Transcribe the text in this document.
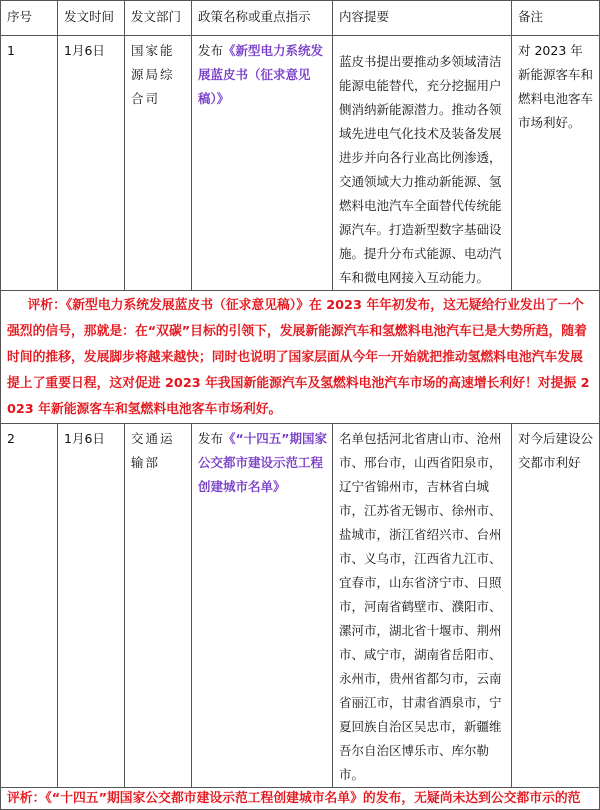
序号	发文时间	发文部门	政策名称或重点指示	内容提要	备注
1	1月6日	国家能源局综合司	发布《新型电力系统发展蓝皮书（征求意见稿）》	蓝皮书提出要推动多领域清洁能源电能替代，充分挖掘用户侧消纳新能源潜力。推动各领域先进电气化技术及装备发展进步并向各行业高比例渗透，交通领域大力推动新能源、氢燃料电池汽车全面替代传统能源汽车。打造新型数字基础设施。提升分布式能源、电动汽车和微电网接入互动能力。	对 2023 年新能源客车和燃料电池客车市场利好。
评析：《新型电力系统发展蓝皮书（征求意见稿）》在 2023 年年初发布，这无疑给行业发出了一个强烈的信号，那就是：在“双碳”目标的引领下，发展新能源汽车和氢燃料电池汽车已是大势所趋，随着时间的推移，发展脚步将越来越快；同时也说明了国家层面从今年一开始就把推动氢燃料电池汽车发展提上了重要日程，这对促进 2023 年我国新能源汽车及氢燃料电池汽车市场的高速增长利好！对提振 2023 年新能源客车和氢燃料电池客车市场利好。					
2	1月6日	交通运输部	发布《“十四五”期国家公交都市建设示范工程创建城市名单》	名单包括河北省唐山市、沧州市、邢台市，山西省阳泉市，辽宁省锦州市，吉林省白城市，江苏省无锡市、徐州市、盐城市，浙江省绍兴市、台州市、义乌市，江西省九江市、宜春市，山东省济宁市、日照市，河南省鹤壁市、濮阳市、漯河市，湖北省十堰市、荆州市、咸宁市，湖南省岳阳市、永州市，贵州省都匀市，云南省丽江市，甘肃省酒泉市，宁夏回族自治区吴忠市，新疆维吾尔自治区博乐市、库尔勒市。	对今后建设公交都市利好
评析：《“十四五”期国家公交都市建设示范工程创建城市名单》的发布，无疑尚未达到公交都市示的范					
